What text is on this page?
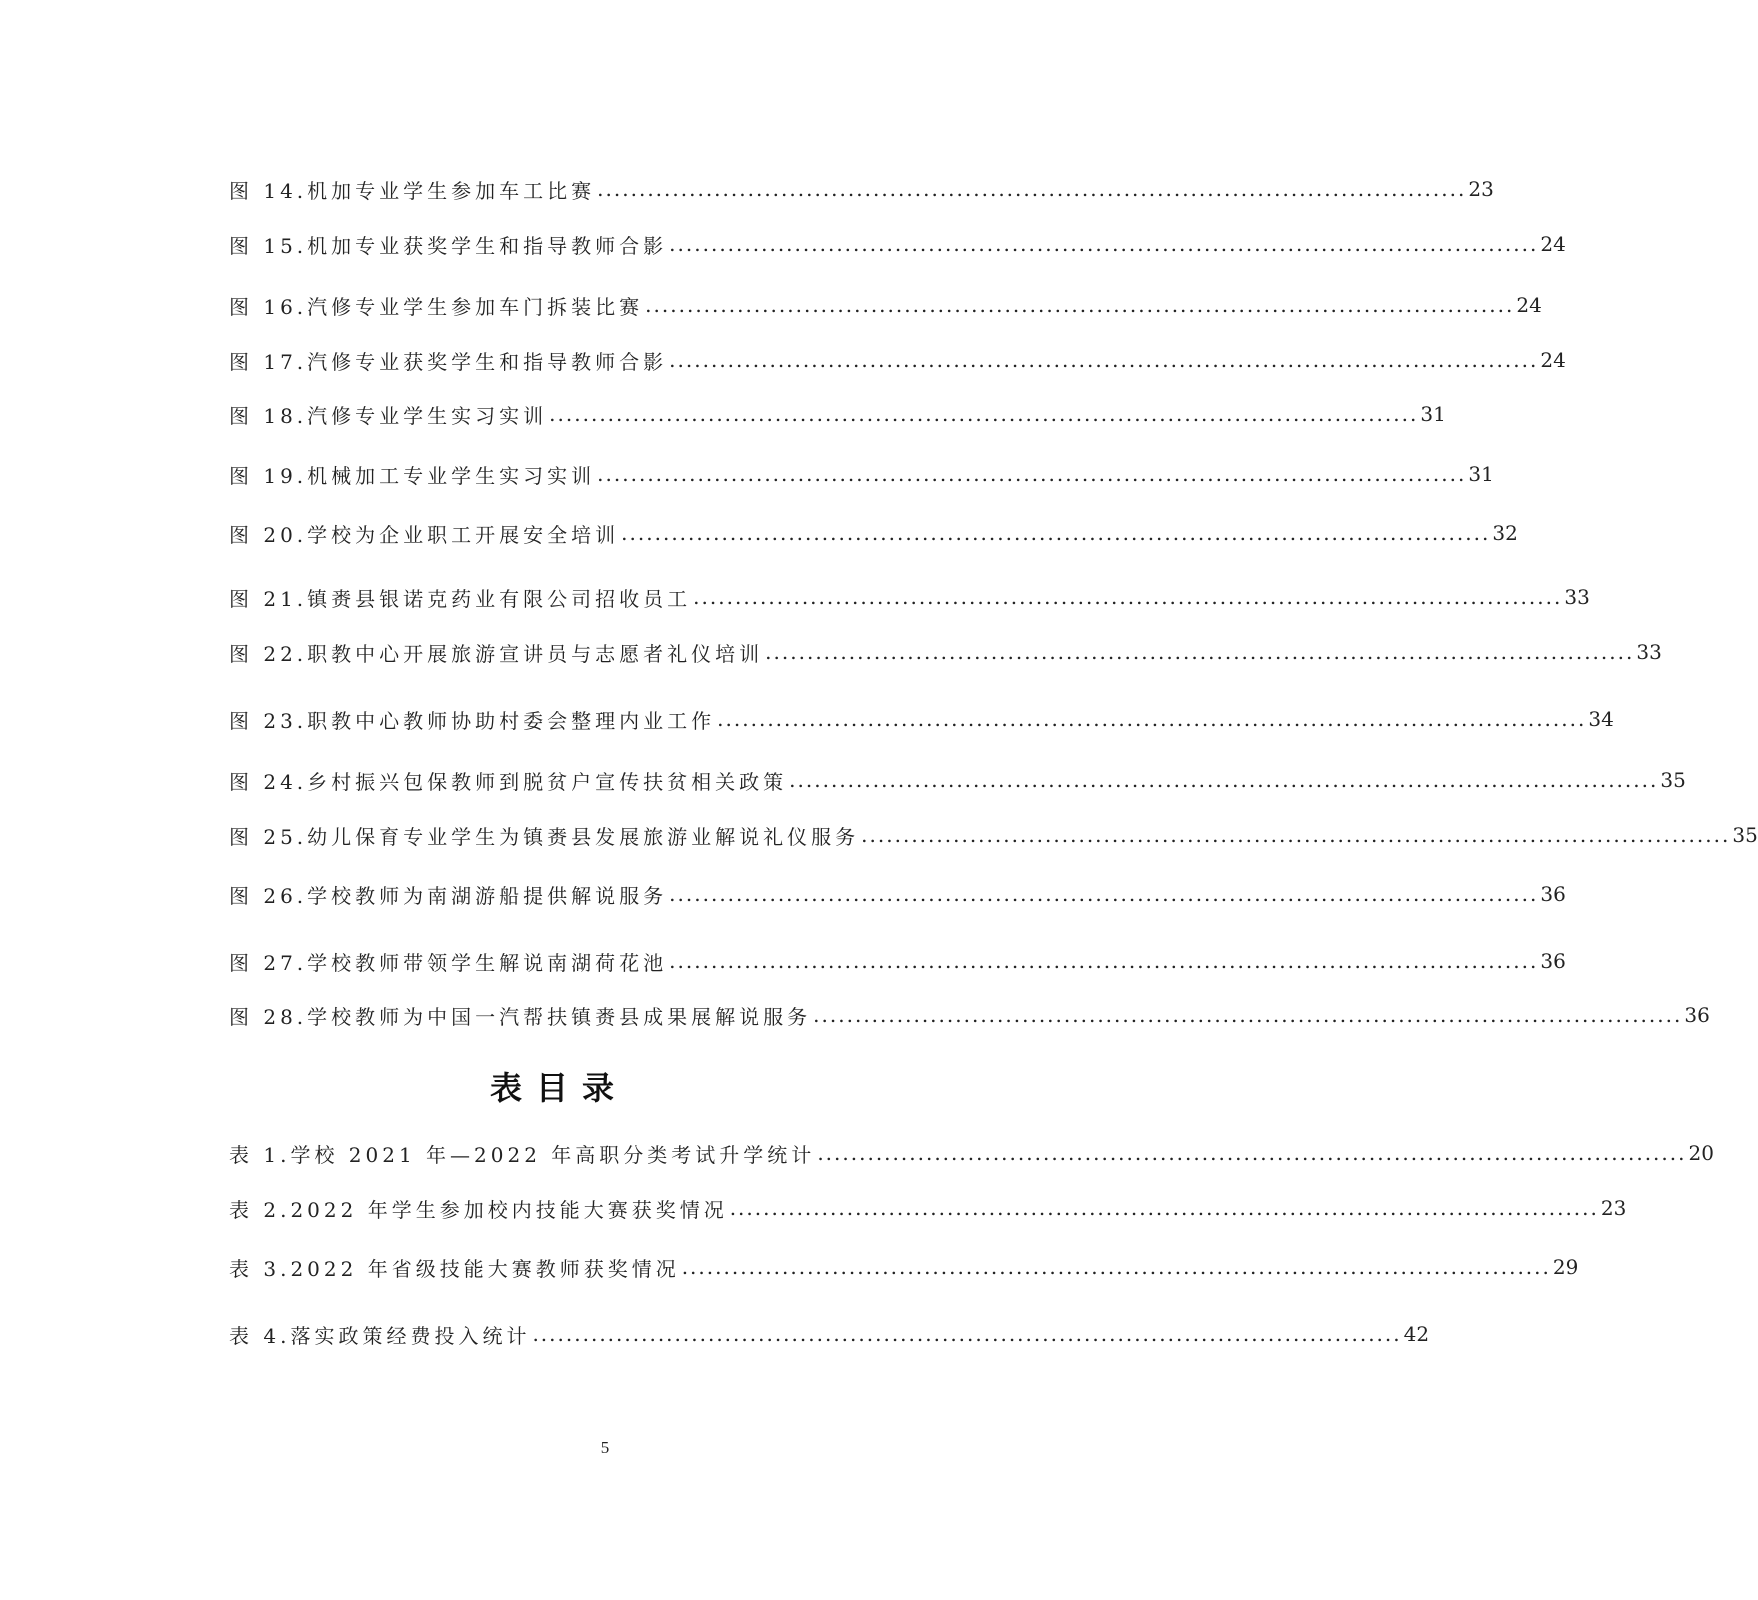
图 14.机加专业学生参加车工比赛 ........................................................................................................ 23
图 15.机加专业获奖学生和指导教师合影 ........................................................................................................ 24
图 16.汽修专业学生参加车门拆装比赛 ........................................................................................................ 24
图 17.汽修专业获奖学生和指导教师合影 ........................................................................................................ 24
图 18.汽修专业学生实习实训 ........................................................................................................ 31
图 19.机械加工专业学生实习实训 ........................................................................................................ 31
图 20.学校为企业职工开展安全培训 ........................................................................................................ 32
图 21.镇赉县银诺克药业有限公司招收员工 ........................................................................................................ 33
图 22.职教中心开展旅游宣讲员与志愿者礼仪培训 ........................................................................................................ 33
图 23.职教中心教师协助村委会整理内业工作 ........................................................................................................ 34
图 24.乡村振兴包保教师到脱贫户宣传扶贫相关政策 ........................................................................................................ 35
图 25.幼儿保育专业学生为镇赉县发展旅游业解说礼仪服务 ........................................................................................................ 35
图 26.学校教师为南湖游船提供解说服务 ........................................................................................................ 36
图 27.学校教师带领学生解说南湖荷花池 ........................................................................................................ 36
图 28.学校教师为中国一汽帮扶镇赉县成果展解说服务 ........................................................................................................ 36
表目录
表 1.学校 2021 年—2022 年高职分类考试升学统计 ........................................................................................................ 20
表 2.2022 年学生参加校内技能大赛获奖情况 ........................................................................................................ 23
表 3.2022 年省级技能大赛教师获奖情况 ........................................................................................................ 29
表 4.落实政策经费投入统计 ........................................................................................................ 42
5
